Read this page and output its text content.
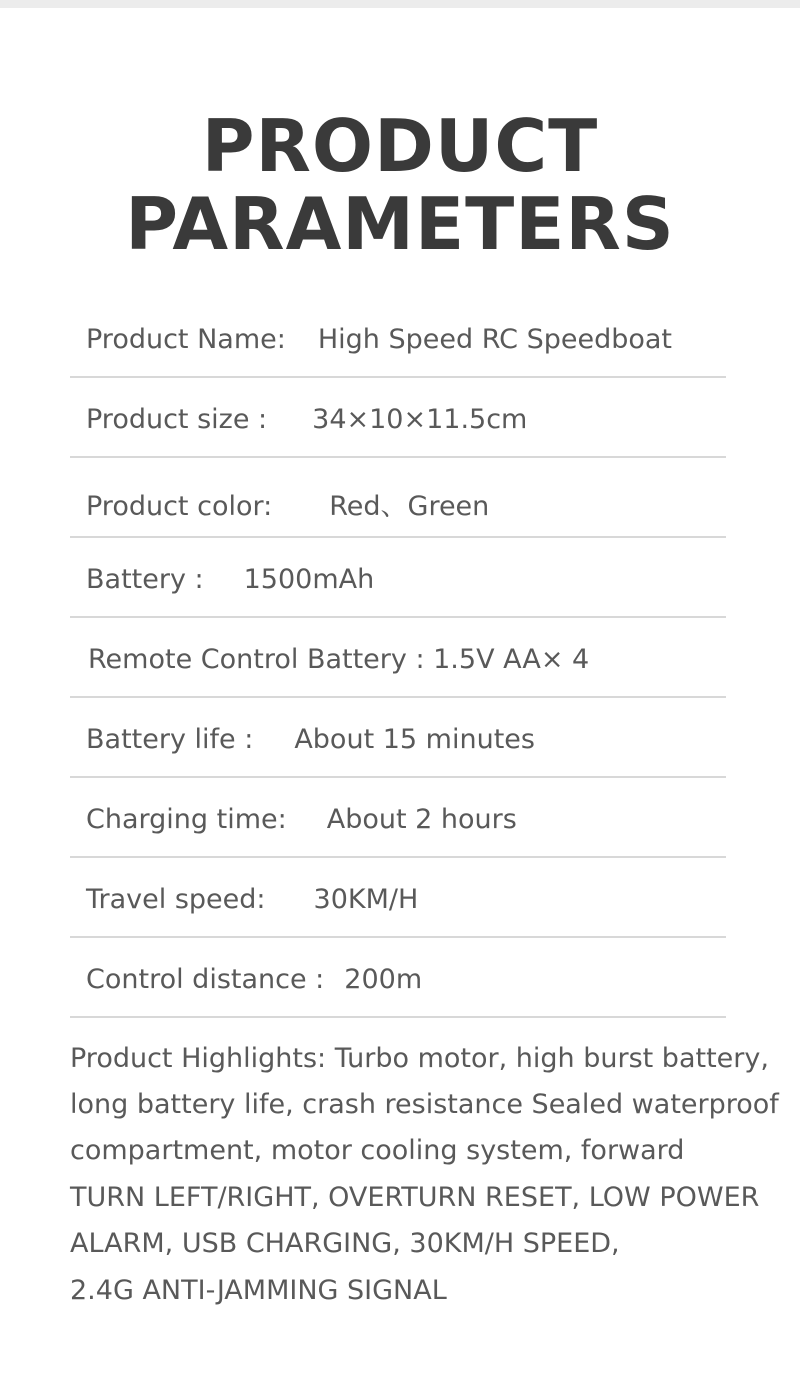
PRODUCT
PARAMETERS
Product Name: High Speed RC Speedboat
Product size : 34×10×11.5cm
Product color: Red、Green
Battery : 1500mAh
Remote Control Battery : 1.5V AA× 4
Battery life : About 15 minutes
Charging time: About 2 hours
Travel speed: 30KM/H
Control distance : 200m
Product Highlights: Turbo motor, high burst battery,
long battery life, crash resistance Sealed waterproof
compartment, motor cooling system, forward
TURN LEFT/RIGHT, OVERTURN RESET, LOW POWER
ALARM, USB CHARGING, 30KM/H SPEED,
2.4G ANTI-JAMMING SIGNAL
